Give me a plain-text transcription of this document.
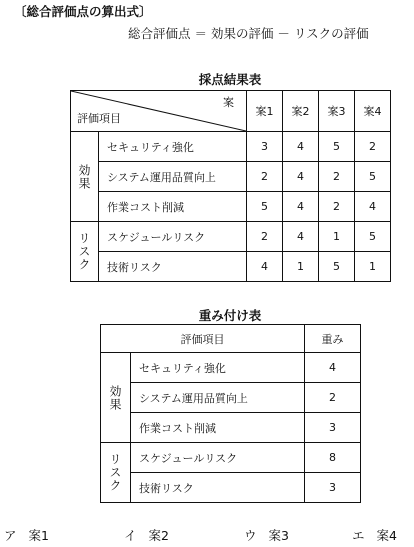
〔総合評価点の算出式〕
総合評価点 ＝ 効果の評価 － リスクの評価
採点結果表
案
評価項目		案1	案2	案3	案4
効果	セキュリティ強化	3	4	5	2
	システム運用品質向上	2	4	2	5
	作業コスト削減	5	4	2	4
リスク	スケジュールリスク	2	4	1	5
	技術リスク	4	1	5	1
重み付け表
評価項目		重み
効果	セキュリティ強化	4
	システム運用品質向上	2
	作業コスト削減	3
リスク	スケジュールリスク	8
	技術リスク	3
ア 案1	イ 案2	ウ 案3	エ 案4
